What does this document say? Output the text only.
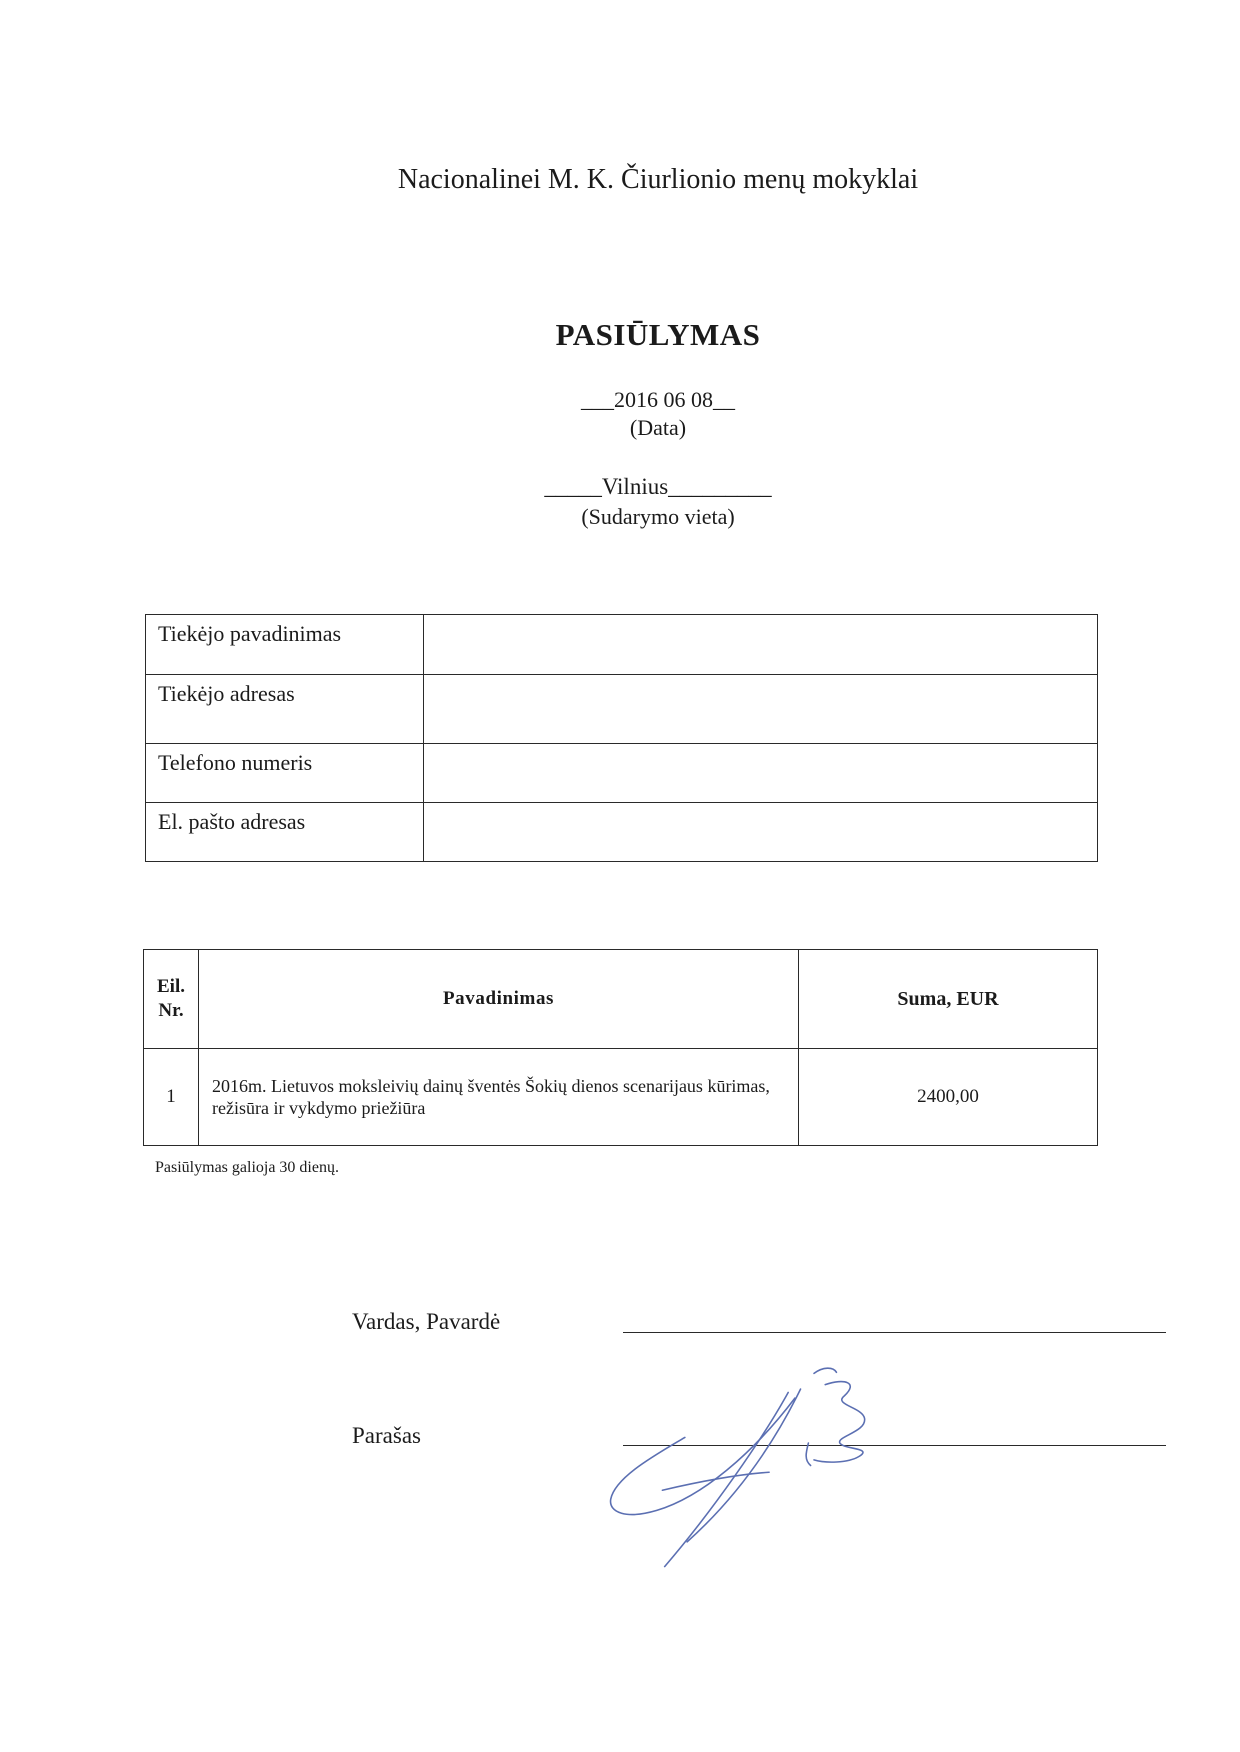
Nacionalinei M. K. Čiurlionio menų mokyklai
PASIŪLYMAS
___2016 06 08__
(Data)
_____Vilnius_________
(Sudarymo vieta)
Tiekėjo pavadinimas	
Tiekėjo adresas	
Telefono numeris	
El. pašto adresas	
Eil.
Nr.	Pavadinimas	Suma, EUR
1	2016m. Lietuvos moksleivių dainų šventės Šokių dienos scenarijaus kūrimas, režisūra ir vykdymo priežiūra	2400,00
Pasiūlymas galioja 30 dienų.
Vardas, Pavardė
Parašas
